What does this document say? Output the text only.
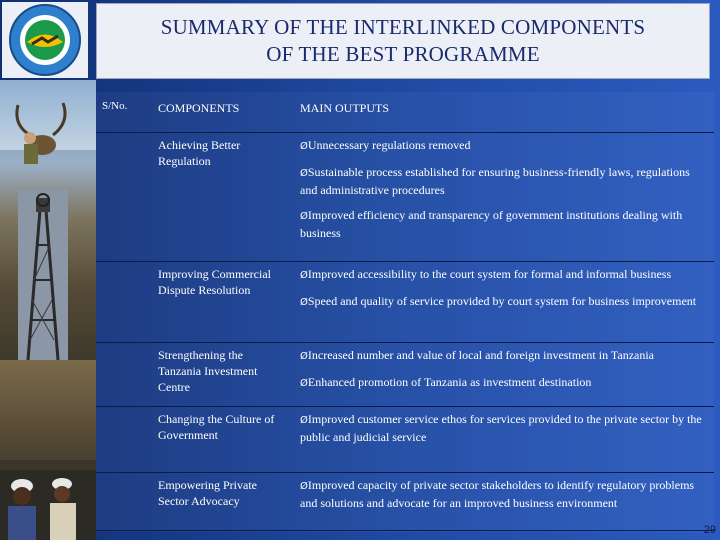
SUMMARY OF THE INTERLINKED COMPONENTS
OF THE BEST PROGRAMME
S/No.	COMPONENTS	MAIN OUTPUTS

	Achieving Better Regulation	ØUnnecessary regulations removed
ØSustainable process established for ensuring business-friendly laws, regulations and administrative procedures
ØImproved efficiency and transparency of government institutions dealing with business

	Improving Commercial Dispute Resolution	ØImproved accessibility to the court system for formal and informal business
ØSpeed and quality of service provided by court system for business improvement

	Strengthening the Tanzania Investment Centre	ØIncreased number and value of local and foreign investment in Tanzania
ØEnhanced promotion of Tanzania as investment destination

	Changing the Culture of Government	ØImproved customer service ethos for services provided to the private sector by the public and judicial service

	Empowering Private Sector Advocacy	ØImproved capacity of private sector stakeholders to identify regulatory problems and solutions and advocate for an improved business environment
29
